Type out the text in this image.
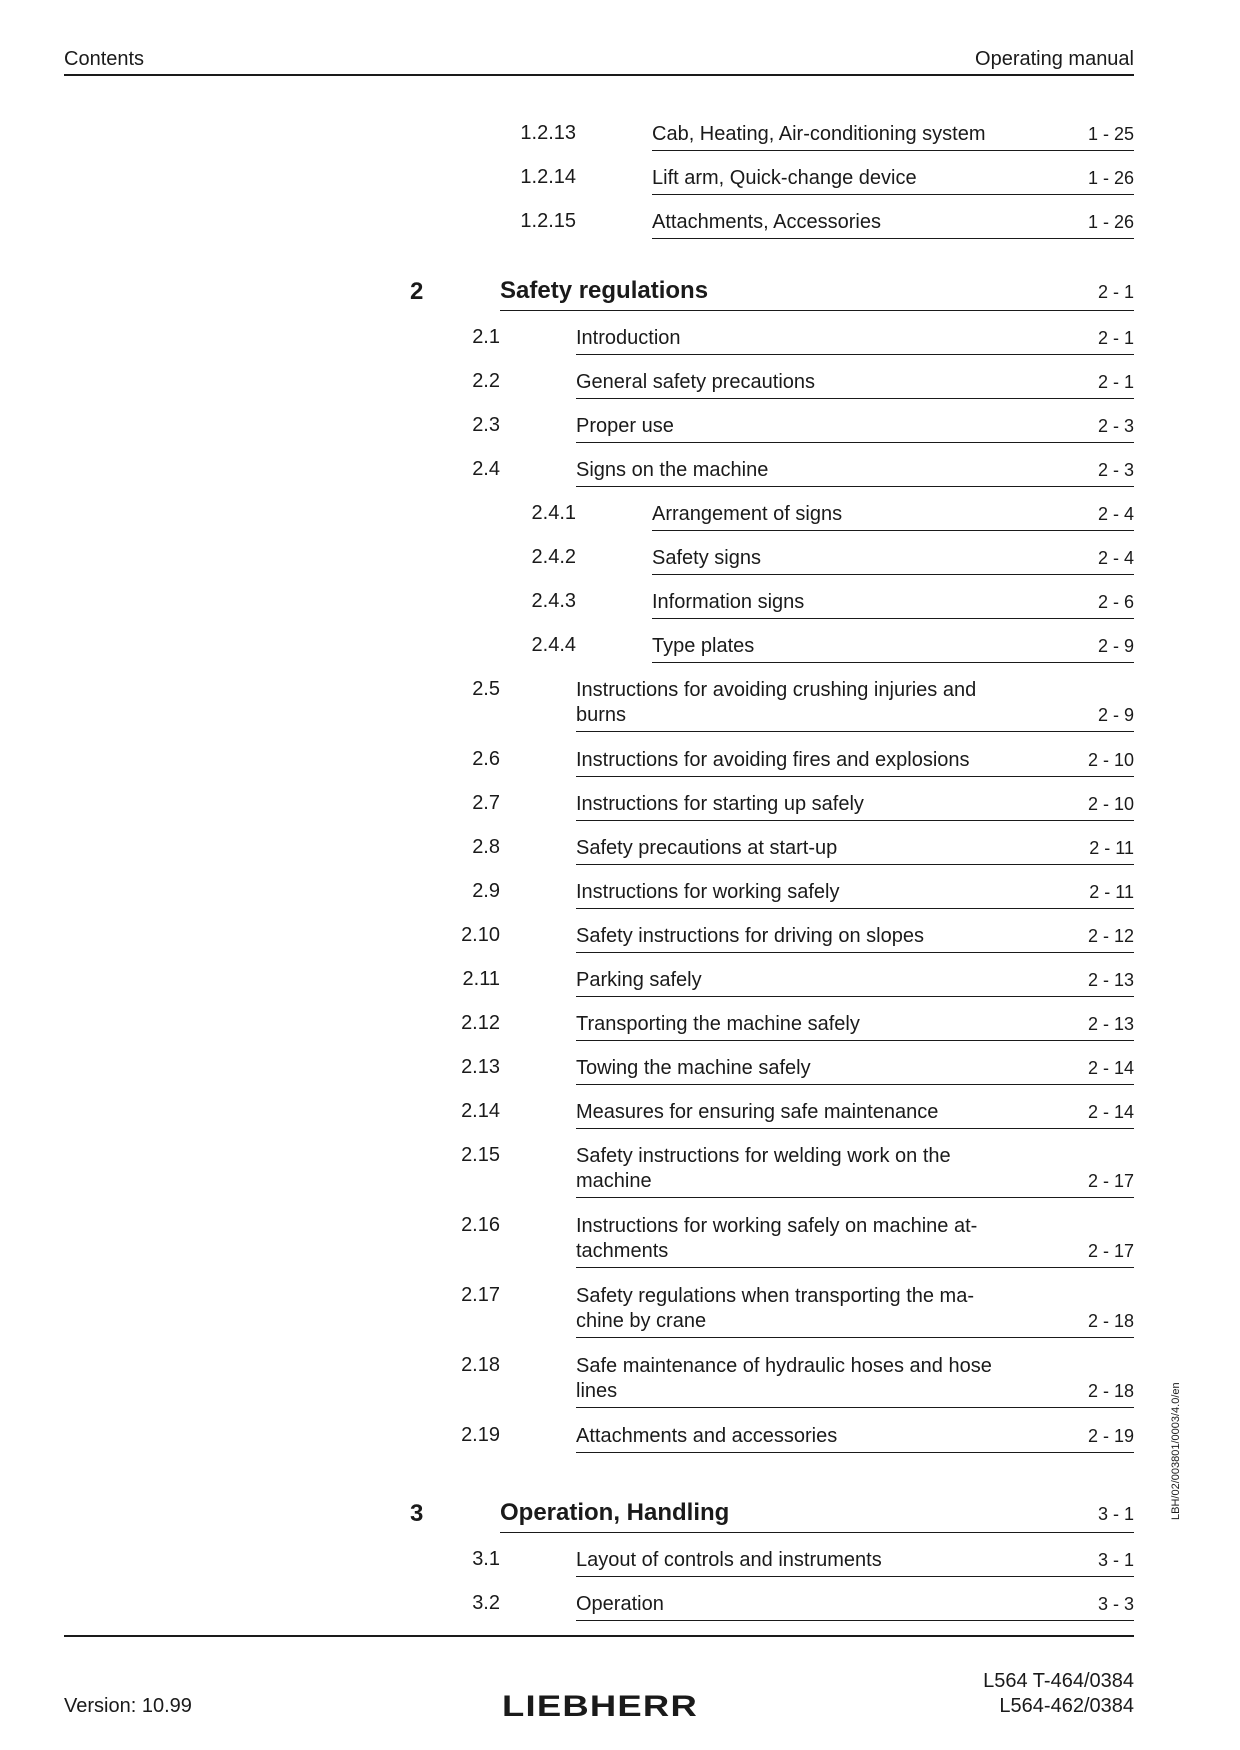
Contents	Operating manual
1.2.13	Cab, Heating, Air-conditioning system	1 - 25
1.2.14	Lift arm, Quick-change device	1 - 26
1.2.15	Attachments, Accessories	1 - 26
2	Safety regulations	2 - 1
2.1	Introduction	2 - 1
2.2	General safety precautions	2 - 1
2.3	Proper use	2 - 3
2.4	Signs on the machine	2 - 3
2.4.1	Arrangement of signs	2 - 4
2.4.2	Safety signs	2 - 4
2.4.3	Information signs	2 - 6
2.4.4	Type plates	2 - 9
2.5	Instructions for avoiding crushing injuries and
burns	2 - 9
2.6	Instructions for avoiding fires and explosions	2 - 10
2.7	Instructions for starting up safely	2 - 10
2.8	Safety precautions at start-up	2 - 11
2.9	Instructions for working safely	2 - 11
2.10	Safety instructions for driving on slopes	2 - 12
2.11	Parking safely	2 - 13
2.12	Transporting the machine safely	2 - 13
2.13	Towing the machine safely	2 - 14
2.14	Measures for ensuring safe maintenance	2 - 14
2.15	Safety instructions for welding work on the
machine	2 - 17
2.16	Instructions for working safely on machine at-
tachments	2 - 17
2.17	Safety regulations when transporting the ma-
chine by crane	2 - 18
2.18	Safe maintenance of hydraulic hoses and hose
lines	2 - 18
2.19	Attachments and accessories	2 - 19
3	Operation, Handling	3 - 1
3.1	Layout of controls and instruments	3 - 1
3.2	Operation	3 - 3
Version: 10.99	LIEBHERR
L564 T-464/0384
L564-462/0384
LBH/02/003801/0003/4.0/en
